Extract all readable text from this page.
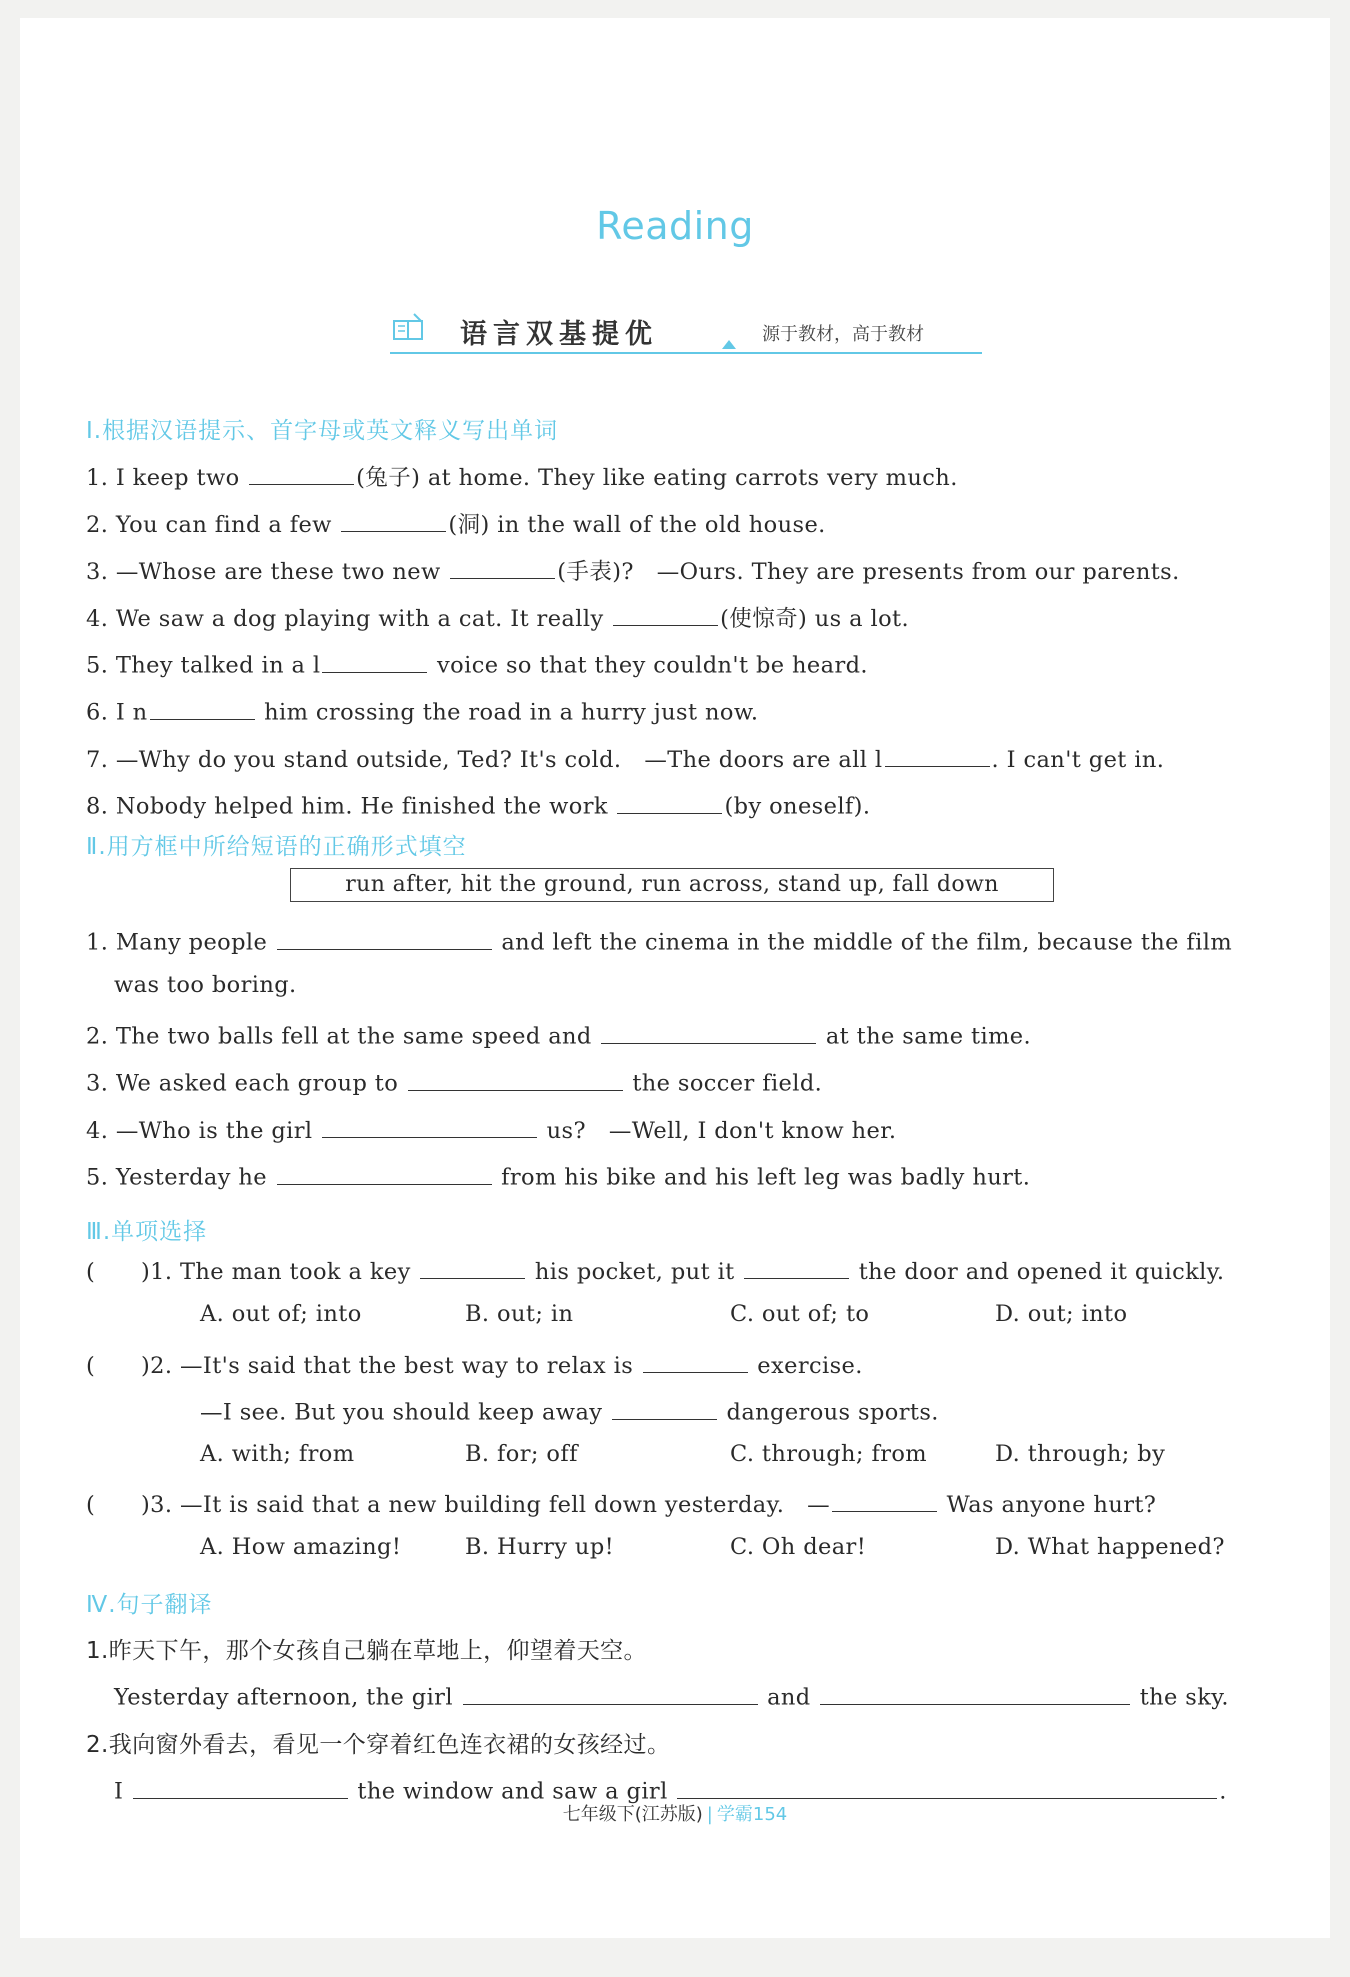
Reading
语言双基提优	源于教材，高于教材
Ⅰ.根据汉语提示、首字母或英文释义写出单词
1. I keep two	(兔子) at home. They like eating carrots very much.
2. You can find a few	(洞) in the wall of the old house.
3. —Whose are these two new	(手表)?　—Ours. They are presents from our parents.
4. We saw a dog playing with a cat. It really	(使惊奇) us a lot.
5. They talked in a l	voice so that they couldn't be heard.
6. I n	him crossing the road in a hurry just now.
7. —Why do you stand outside, Ted? It's cold.　—The doors are all l	. I can't get in.
8. Nobody helped him. He finished the work	(by oneself).
Ⅱ.用方框中所给短语的正确形式填空
run after, hit the ground, run across, stand up, fall down
1. Many people	and left the cinema in the middle of the film, because the film
was too boring.
2. The two balls fell at the same speed and	at the same time.
3. We asked each group to	the soccer field.
4. —Who is the girl	us?　—Well, I don't know her.
5. Yesterday he	from his bike and his left leg was badly hurt.
Ⅲ.单项选择
(　　)1. The man took a key	his pocket, put it	the door and opened it quickly.
A. out of; into	B. out; in	C. out of; to	D. out; into
(　　)2. —It's said that the best way to relax is	exercise.
—I see. But you should keep away	dangerous sports.
A. with; from	B. for; off	C. through; from	D. through; by
(　　)3. —It is said that a new building fell down yesterday.　—	Was anyone hurt?
A. How amazing!	B. Hurry up!	C. Oh dear!	D. What happened?
Ⅳ.句子翻译
1.昨天下午，那个女孩自己躺在草地上，仰望着天空。
Yesterday afternoon, the girl	and	the sky.
2.我向窗外看去，看见一个穿着红色连衣裙的女孩经过。
I	the window and saw a girl	.
七年级下(江苏版) | 学霸154
